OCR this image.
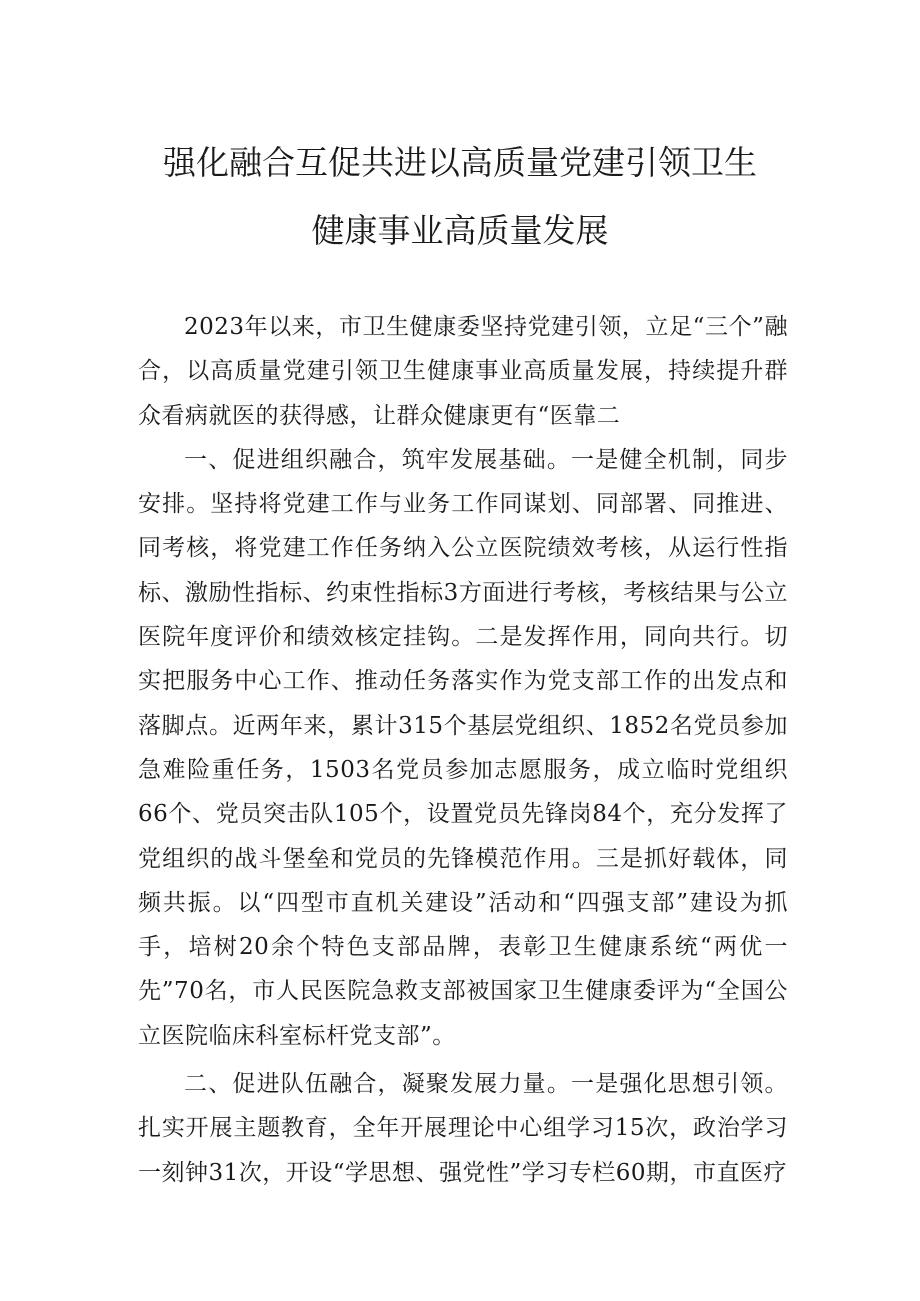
强化融合互促共进以高质量党建引领卫生
健康事业高质量发展

2023年以来，市卫生健康委坚持党建引领，立足“三个”融合，以高质量党建引领卫生健康事业高质量发展，持续提升群众看病就医的获得感，让群众健康更有“医靠二

一、促进组织融合，筑牢发展基础。一是健全机制，同步安排。坚持将党建工作与业务工作同谋划、同部署、同推进、同考核，将党建工作任务纳入公立医院绩效考核，从运行性指标、激励性指标、约束性指标3方面进行考核，考核结果与公立医院年度评价和绩效核定挂钩。二是发挥作用，同向共行。切实把服务中心工作、推动任务落实作为党支部工作的出发点和落脚点。近两年来，累计315个基层党组织、1852名党员参加急难险重任务，1503名党员参加志愿服务，成立临时党组织66个、党员突击队105个，设置党员先锋岗84个，充分发挥了党组织的战斗堡垒和党员的先锋模范作用。三是抓好载体，同频共振。以“四型市直机关建设”活动和“四强支部”建设为抓手，培树20余个特色支部品牌，表彰卫生健康系统“两优一先”70名，市人民医院急救支部被国家卫生健康委评为“全国公立医院临床科室标杆党支部”。

二、促进队伍融合，凝聚发展力量。一是强化思想引领。扎实开展主题教育，全年开展理论中心组学习15次，政治学习一刻钟31次，开设“学思想、强党性”学习专栏60期，市直医疗
